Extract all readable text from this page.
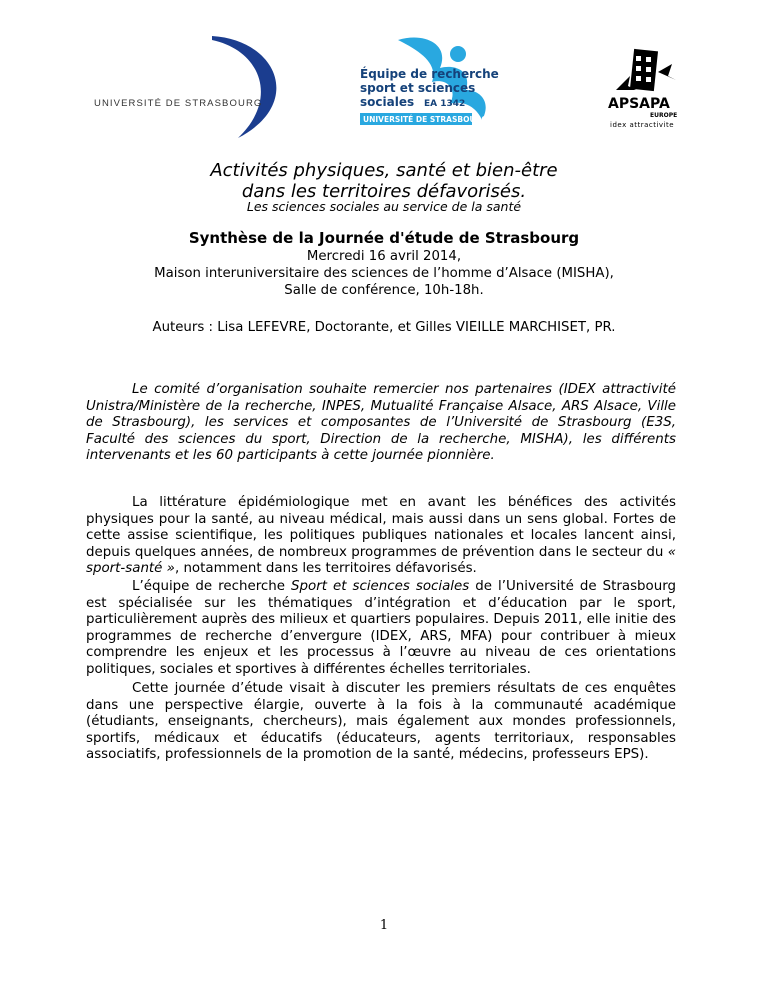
UNIVERSITÉ DE STRASBOURG
Équipe de recherche
sport et sciences
sociales EA 1342
UNIVERSITÉ DE STRASBOURG
APSAPA
EUROPE
idex attractivite
Activités physiques, santé et bien-être
dans les territoires défavorisés.
Les sciences sociales au service de la santé
Synthèse de la Journée d'étude de Strasbourg
Mercredi 16 avril 2014,
Maison interuniversitaire des sciences de l’homme d’Alsace (MISHA),
Salle de conférence, 10h-18h.
Auteurs : Lisa LEFEVRE, Doctorante, et Gilles VIEILLE MARCHISET, PR.

Le comité d’organisation souhaite remercier nos partenaires (IDEX attractivité Unistra/Ministère de la recherche, INPES, Mutualité Française Alsace, ARS Alsace, Ville de Strasbourg), les services et composantes de l’Université de Strasbourg (E3S, Faculté des sciences du sport, Direction de la recherche, MISHA), les différents intervenants et les 60 participants à cette journée pionnière.

La littérature épidémiologique met en avant les bénéfices des activités physiques pour la santé, au niveau médical, mais aussi dans un sens global. Fortes de cette assise scientifique, les politiques publiques nationales et locales lancent ainsi, depuis quelques années, de nombreux programmes de prévention dans le secteur du « sport-santé », notamment dans les territoires défavorisés.

L’équipe de recherche Sport et sciences sociales de l’Université de Strasbourg est spécialisée sur les thématiques d’intégration et d’éducation par le sport, particulièrement auprès des milieux et quartiers populaires. Depuis 2011, elle initie des programmes de recherche d’envergure (IDEX, ARS, MFA) pour contribuer à mieux comprendre les enjeux et les processus à l’œuvre au niveau de ces orientations politiques, sociales et sportives à différentes échelles territoriales.

Cette journée d’étude visait à discuter les premiers résultats de ces enquêtes dans une perspective élargie, ouverte à la fois à la communauté académique (étudiants, enseignants, chercheurs), mais également aux mondes professionnels, sportifs, médicaux et éducatifs (éducateurs, agents territoriaux, responsables associatifs, professionnels de la promotion de la santé, médecins, professeurs EPS).

1
